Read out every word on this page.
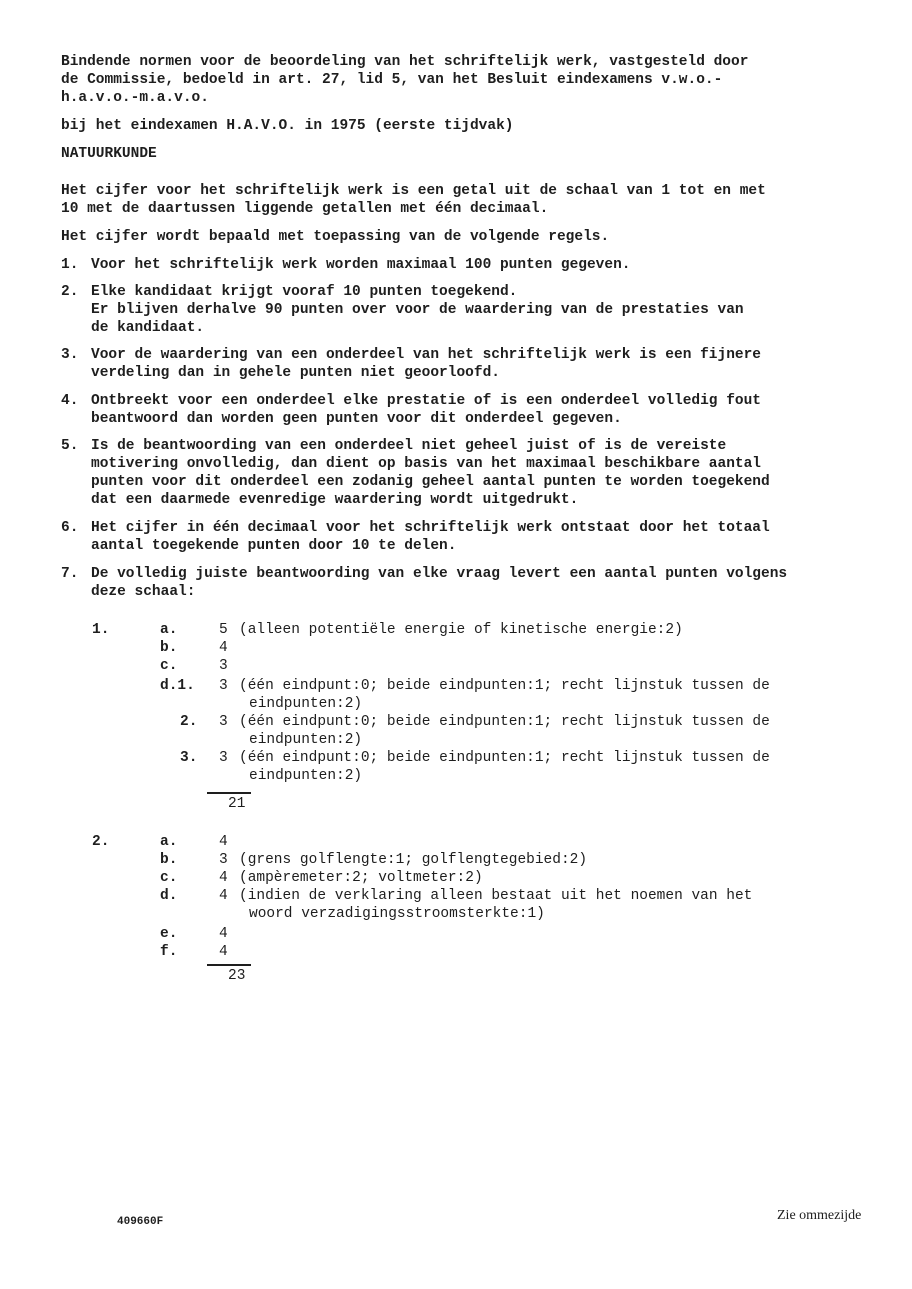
Bindende normen voor de beoordeling van het schriftelijk werk, vastgesteld door
de Commissie, bedoeld in art. 27, lid 5, van het Besluit eindexamens v.w.o.-
h.a.v.o.-m.a.v.o.
bij het eindexamen H.A.V.O. in 1975 (eerste tijdvak)
NATUURKUNDE
Het cijfer voor het schriftelijk werk is een getal uit de schaal van 1 tot en met
10 met de daartussen liggende getallen met één decimaal.
Het cijfer wordt bepaald met toepassing van de volgende regels.
1. Voor het schriftelijk werk worden maximaal 100 punten gegeven.
2. Elke kandidaat krijgt vooraf 10 punten toegekend.
Er blijven derhalve 90 punten over voor de waardering van de prestaties van
de kandidaat.
3. Voor de waardering van een onderdeel van het schriftelijk werk is een fijnere
verdeling dan in gehele punten niet geoorloofd.
4. Ontbreekt voor een onderdeel elke prestatie of is een onderdeel volledig fout
beantwoord dan worden geen punten voor dit onderdeel gegeven.
5. Is de beantwoording van een onderdeel niet geheel juist of is de vereiste
motivering onvolledig, dan dient op basis van het maximaal beschikbare aantal
punten voor dit onderdeel een zodanig geheel aantal punten te worden toegekend
dat een daarmede evenredige waardering wordt uitgedrukt.
6. Het cijfer in één decimaal voor het schriftelijk werk ontstaat door het totaal
aantal toegekende punten door 10 te delen.
7. De volledig juiste beantwoording van elke vraag levert een aantal punten volgens
deze schaal:
1.	a.	5 (alleen potentiële energie of kinetische energie:2)
b.	4
c.	3
d.1. 3 (één eindpunt:0; beide eindpunten:1; recht lijnstuk tussen de
eindpunten:2)
2. 3 (één eindpunt:0; beide eindpunten:1; recht lijnstuk tussen de
eindpunten:2)
3. 3 (één eindpunt:0; beide eindpunten:1; recht lijnstuk tussen de
eindpunten:2)
21
2.	a.	4
b.	3 (grens golflengte:1; golflengtegebied:2)
c.	4 (ampèremeter:2; voltmeter:2)
d.	4 (indien de verklaring alleen bestaat uit het noemen van het
woord verzadigingsstroomsterkte:1)
e.	4
f.	4
23
409660F	Zie ommezijde
